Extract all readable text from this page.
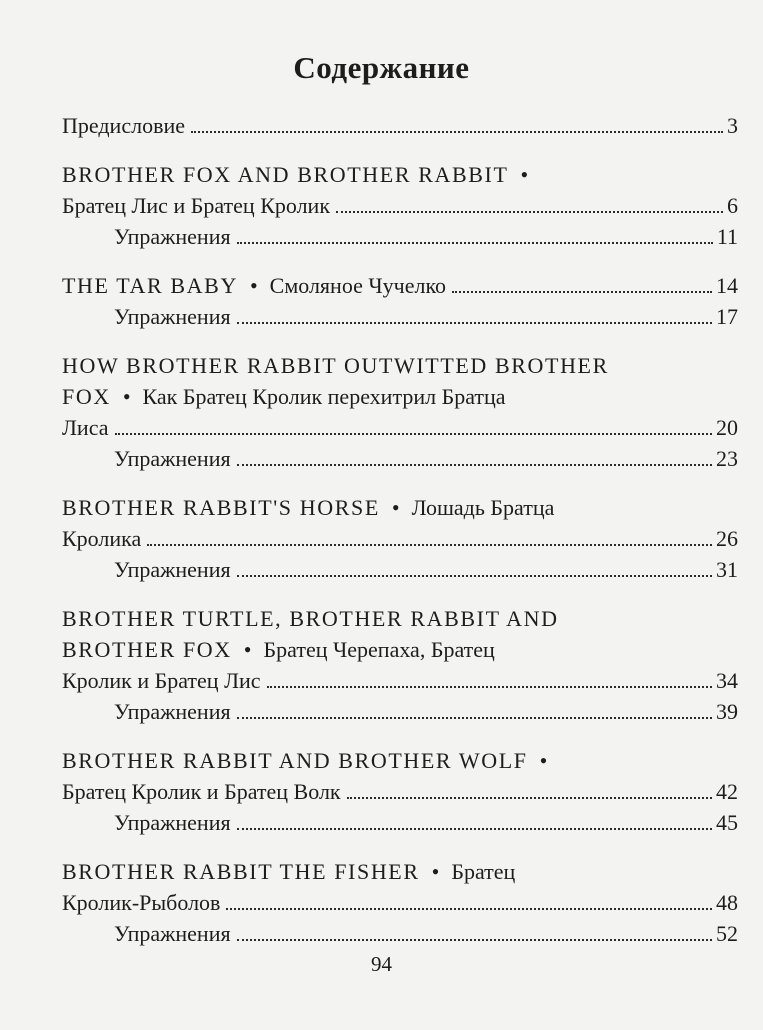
Содержание
Предисловие	3
BROTHER FOX AND BROTHER RABBIT •
Братец Лис и Братец Кролик	6
Упражнения	11
THE TAR BABY • Смоляное Чучелко	14
Упражнения	17
HOW BROTHER RABBIT OUTWITTED BROTHER
FOX • Как Братец Кролик перехитрил Братца
Лиса	20
Упражнения	23
BROTHER RABBIT'S HORSE • Лошадь Братца
Кролика	26
Упражнения	31
BROTHER TURTLE, BROTHER RABBIT AND
BROTHER FOX • Братец Черепаха, Братец
Кролик и Братец Лис	34
Упражнения	39
BROTHER RABBIT AND BROTHER WOLF •
Братец Кролик и Братец Волк	42
Упражнения	45
BROTHER RABBIT THE FISHER • Братец
Кролик-Рыболов	48
Упражнения	52
94
